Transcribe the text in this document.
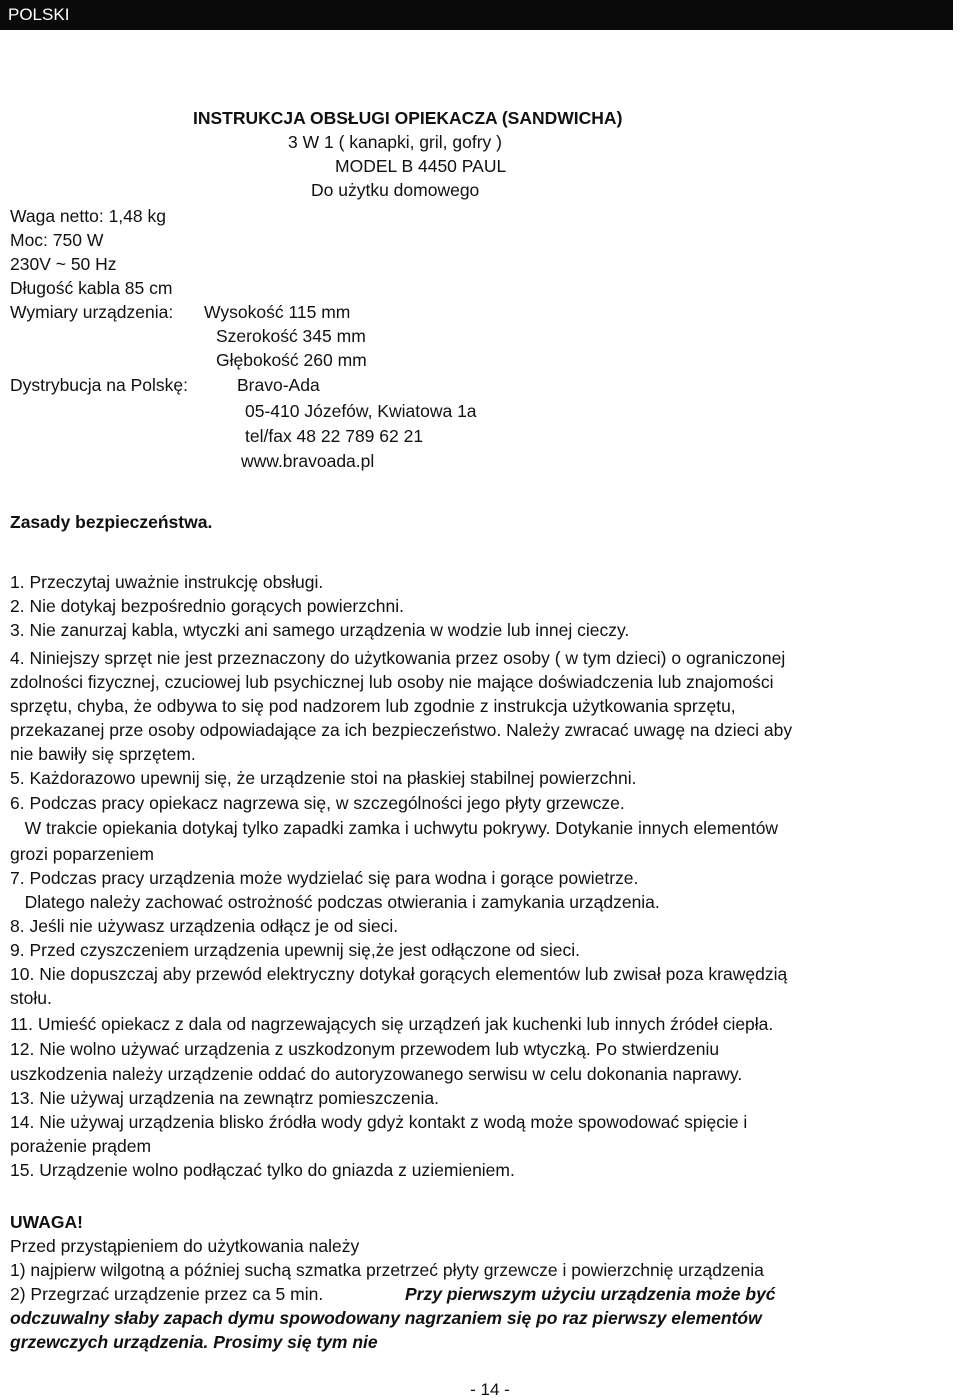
POLSKI
INSTRUKCJA OBSŁUGI OPIEKACZA (SANDWICHA)
3 W 1 ( kanapki, gril, gofry )
MODEL B 4450 PAUL
Do użytku domowego
Waga netto: 1,48 kg
Moc: 750 W
230V ~ 50 Hz
Długość kabla 85 cm
Wymiary urządzenia: Wysokość 115 mm
Szerokość 345 mm
Głębokość 260 mm
Dystrybucja na Polskę:	Bravo-Ada
05-410 Józefów, Kwiatowa 1a
tel/fax 48 22 789 62 21
www.bravoada.pl
Zasady bezpieczeństwa.
1. Przeczytaj uważnie instrukcję obsługi.
2. Nie dotykaj bezpośrednio gorących powierzchni.
3. Nie zanurzaj kabla, wtyczki ani samego urządzenia w wodzie lub innej cieczy.
4. Niniejszy sprzęt nie jest przeznaczony do użytkowania przez osoby ( w tym dzieci) o ograniczonej
zdolności fizycznej, czuciowej lub psychicznej lub osoby nie mające doświadczenia lub znajomości
sprzętu, chyba, że odbywa to się pod nadzorem lub zgodnie z instrukcja użytkowania sprzętu,
przekazanej prze osoby odpowiadające za ich bezpieczeństwo. Należy zwracać uwagę na dzieci aby
nie bawiły się sprzętem.
5. Każdorazowo upewnij się, że urządzenie stoi na płaskiej stabilnej powierzchni.
6. Podczas pracy opiekacz nagrzewa się, w szczególności jego płyty grzewcze.
W trakcie opiekania dotykaj tylko zapadki zamka i uchwytu pokrywy. Dotykanie innych elementów
grozi poparzeniem
7. Podczas pracy urządzenia może wydzielać się para wodna i gorące powietrze.
Dlatego należy zachować ostrożność podczas otwierania i zamykania urządzenia.
8. Jeśli nie używasz urządzenia odłącz je od sieci.
9. Przed czyszczeniem urządzenia upewnij się,że jest odłączone od sieci.
10. Nie dopuszczaj aby przewód elektryczny dotykał gorących elementów lub zwisał poza krawędzią
stołu.
11. Umieść opiekacz z dala od nagrzewających się urządzeń jak kuchenki lub innych źródeł ciepła.
12. Nie wolno używać urządzenia z uszkodzonym przewodem lub wtyczką. Po stwierdzeniu
uszkodzenia należy urządzenie oddać do autoryzowanego serwisu w celu dokonania naprawy.
13. Nie używaj urządzenia na zewnątrz pomieszczenia.
14. Nie używaj urządzenia blisko źródła wody gdyż kontakt z wodą może spowodować spięcie i
porażenie prądem
15. Urządzenie wolno podłączać tylko do gniazda z uziemieniem.
UWAGA!
Przed przystąpieniem do użytkowania należy
1) najpierw wilgotną a później suchą szmatka przetrzeć płyty grzewcze i powierzchnię urządzenia
2) Przegrzać urządzenie przez ca 5 min.	Przy pierwszym użyciu urządzenia może być
odczuwalny słaby zapach dymu spowodowany nagrzaniem się po raz pierwszy elementów
grzewczych urządzenia. Prosimy się tym nie
- 14 -
